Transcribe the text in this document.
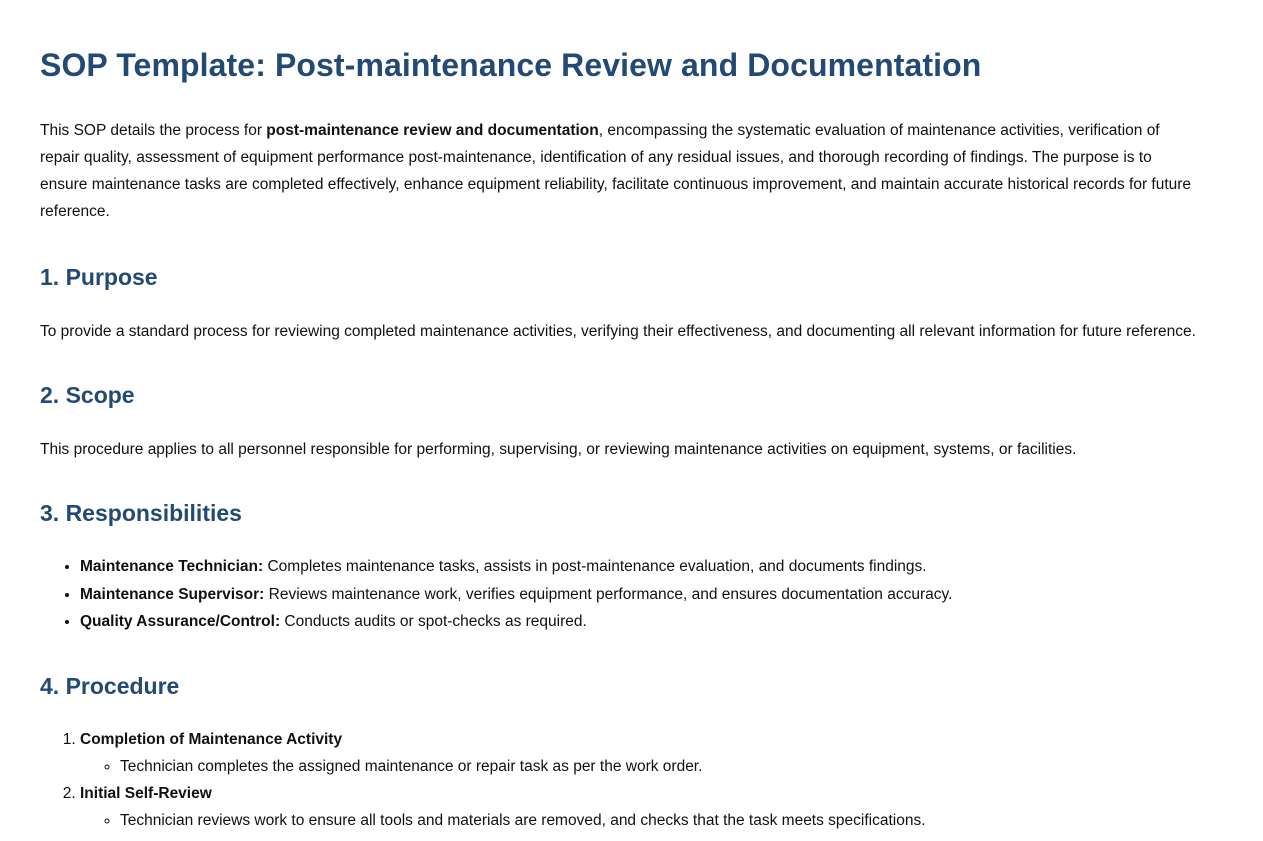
SOP Template: Post-maintenance Review and Documentation

This SOP details the process for post-maintenance review and documentation, encompassing the systematic evaluation of maintenance activities, verification of repair quality, assessment of equipment performance post-maintenance, identification of any residual issues, and thorough recording of findings. The purpose is to ensure maintenance tasks are completed effectively, enhance equipment reliability, facilitate continuous improvement, and maintain accurate historical records for future reference.

1. Purpose

To provide a standard process for reviewing completed maintenance activities, verifying their effectiveness, and documenting all relevant information for future reference.

2. Scope

This procedure applies to all personnel responsible for performing, supervising, or reviewing maintenance activities on equipment, systems, or facilities.

3. Responsibilities
• Maintenance Technician: Completes maintenance tasks, assists in post-maintenance evaluation, and documents findings.
• Maintenance Supervisor: Reviews maintenance work, verifies equipment performance, and ensures documentation accuracy.
• Quality Assurance/Control: Conducts audits or spot-checks as required.
4. Procedure
1. Completion of Maintenance Activity
◦ Technician completes the assigned maintenance or repair task as per the work order.
2. Initial Self-Review
◦ Technician reviews work to ensure all tools and materials are removed, and checks that the task meets specifications.
